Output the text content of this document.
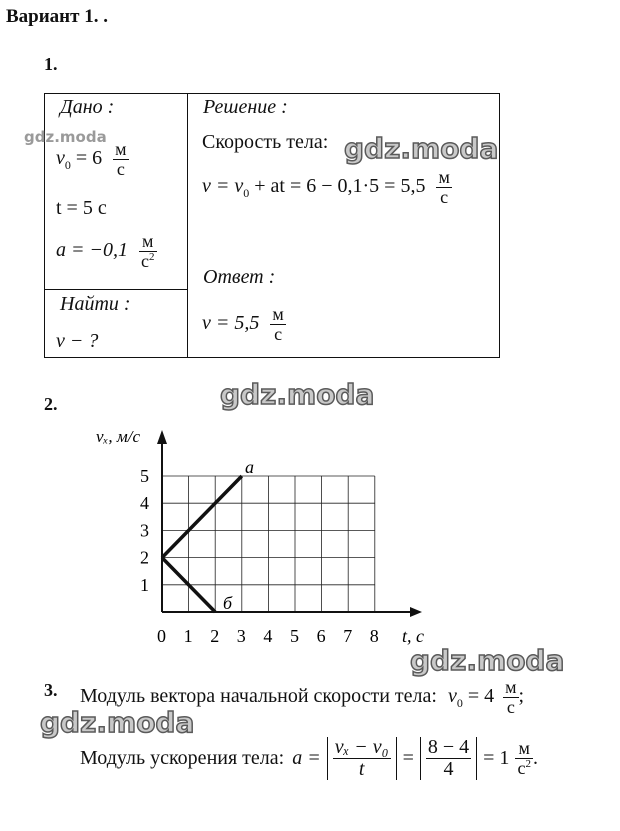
Вариант 1. .
1.
Дано :
$v_0 = 6 \frac{м}{с}$
t = 5 с
$a = -0,1 \frac{м}{с^2}$
Найти :
v − ?
Решение :
Скорость тела:
$v = v_0$ + at = $6 - 0,1\cdot 5 = 5,5 \frac{м}{с}$
Ответ :
$v = 5,5 \frac{м}{с}$
2.
0 1 2 3 4 5 6 7 8
1
2
3
4
5
vₓ, м/с
t, с
а
б
3. Модуль вектора начальной скорости тела: $v_0 = 4 \frac{м}{с}$ ;
Модуль ускорения тела: $a = \frac{\text{vₓ − v₀}}{t} = \frac{8 - 4}{4} = 1 \frac{м}{с^2}$ .
gdz.moda	gdz.moda
gdz.moda
gdz.moda
gdz.moda
